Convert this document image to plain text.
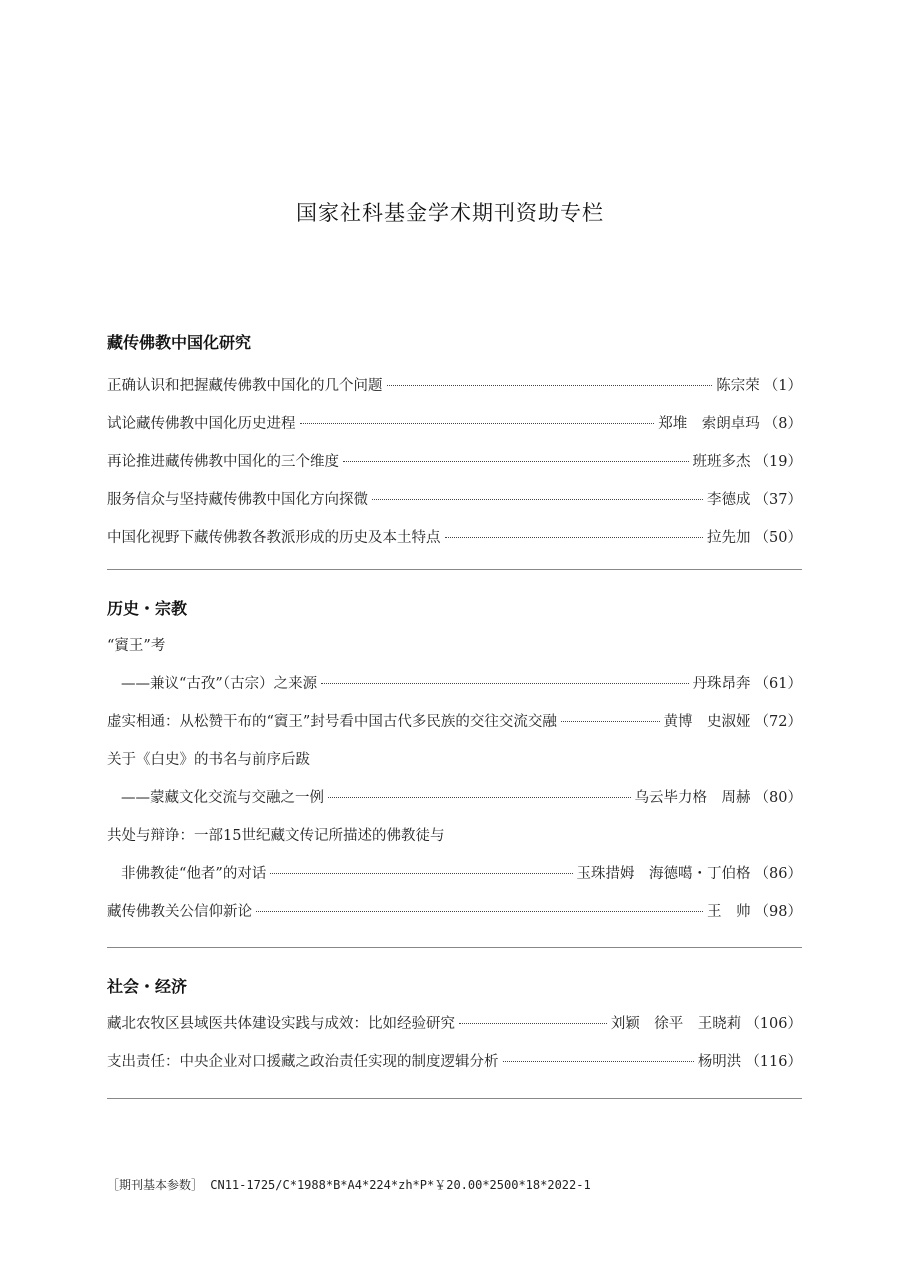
国家社科基金学术期刊资助专栏
藏传佛教中国化研究
正确认识和把握藏传佛教中国化的几个问题	陈宗荣 （1）
试论藏传佛教中国化历史进程	郑堆　索朗卓玛 （8）
再论推进藏传佛教中国化的三个维度	班班多杰 （19）
服务信众与坚持藏传佛教中国化方向探微	李德成 （37）
中国化视野下藏传佛教各教派形成的历史及本土特点	拉先加 （50）
历史・宗教
“賨王”考
——兼议“古孜”（古宗）之来源	丹珠昂奔 （61）
虚实相通：从松赞干布的“賨王”封号看中国古代多民族的交往交流交融	黄博　史淑娅 （72）
关于《白史》的书名与前序后跋
——蒙藏文化交流与交融之一例	乌云毕力格　周赫 （80）
共处与辩诤：一部15世纪藏文传记所描述的佛教徒与
非佛教徒“他者”的对话	玉珠措姆　海德噶・丁伯格 （86）
藏传佛教关公信仰新论	王　帅 （98）
社会・经济
藏北农牧区县域医共体建设实践与成效：比如经验研究	刘颖　徐平　王晓莉 （106）
支出责任：中央企业对口援藏之政治责任实现的制度逻辑分析	杨明洪 （116）
［期刊基本参数］ CN11-1725/C*1988*B*A4*224*zh*P*￥20.00*2500*18*2022-1
